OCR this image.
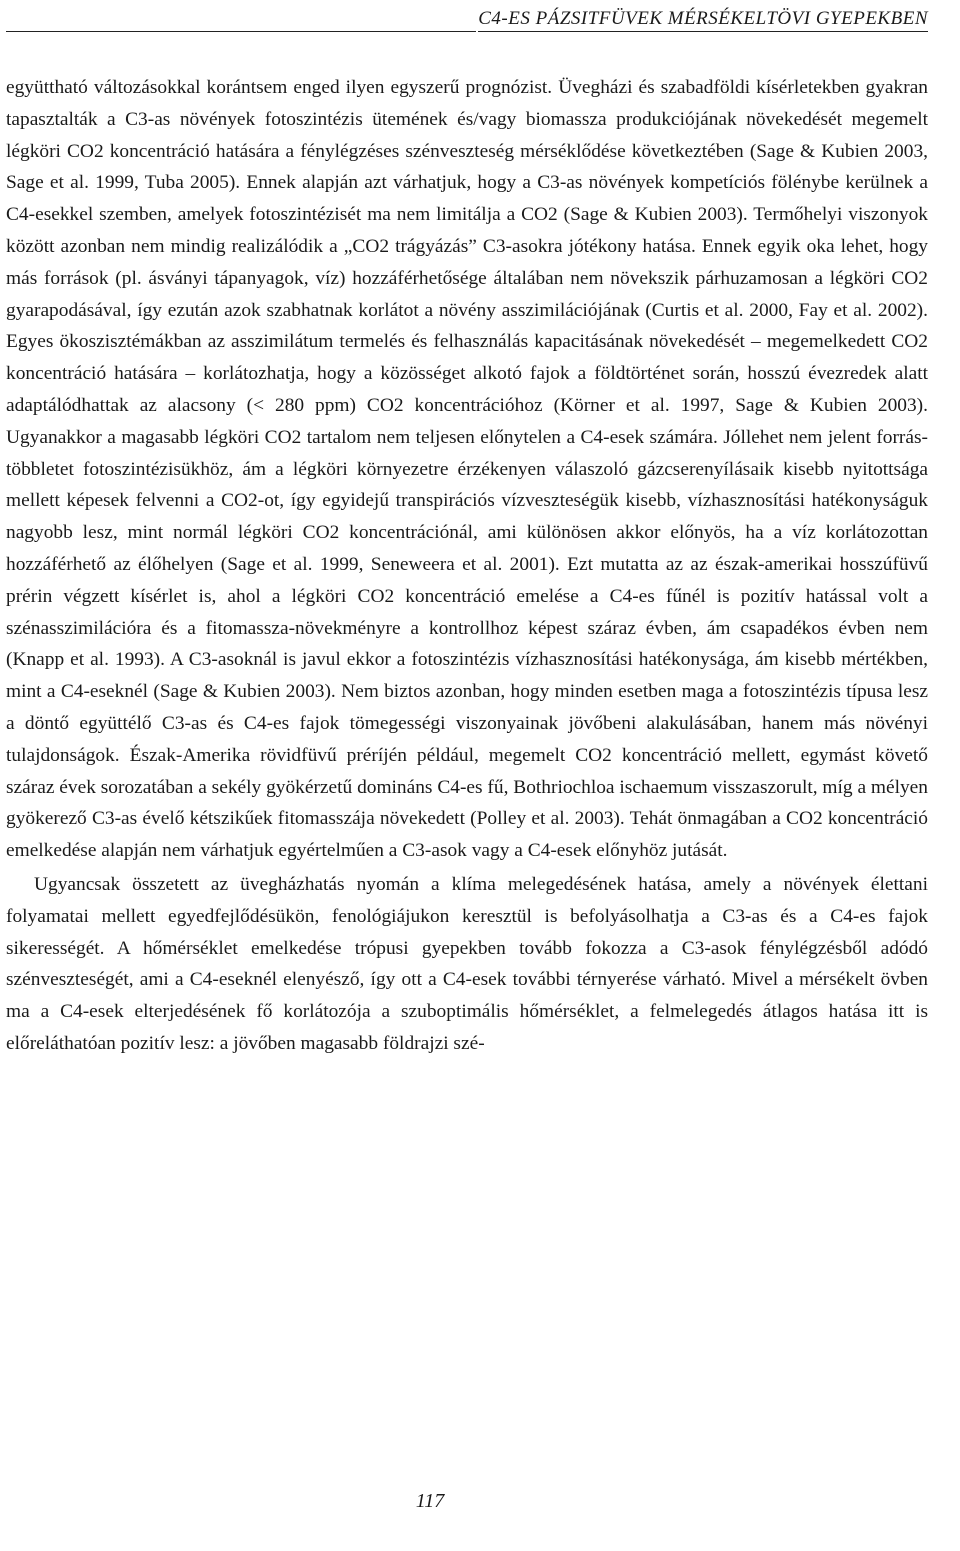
C4-ES PÁZSITFÜVEK MÉRSÉKELTÖVI GYEPEKBEN

együttható változásokkal korántsem enged ilyen egyszerű prognózist. Üvegházi és szabadföldi kísérletekben gyakran tapasztalták a C3-as növények fotoszintézis ütemének és/vagy biomassza produkciójának növekedését megemelt légköri CO2 koncentráció hatására a fénylégzéses szénveszteség mérséklődése következtében (Sage & Kubien 2003, Sage et al. 1999, Tuba 2005). Ennek alapján azt várhatjuk, hogy a C3-as növények kompetíciós fölénybe kerülnek a C4-esekkel szemben, amelyek fotoszintézisét ma nem limitálja a CO2 (Sage & Kubien 2003). Termőhelyi viszonyok között azonban nem mindig realizálódik a „CO2 trágyázás” C3-asokra jótékony hatása. Ennek egyik oka lehet, hogy más források (pl. ásványi tápanyagok, víz) hozzáférhetősége általában nem növekszik párhuzamosan a légköri CO2 gyarapodásával, így ezután azok szabhatnak korlátot a növény asszimilációjának (Curtis et al. 2000, Fay et al. 2002). Egyes ökoszisztémákban az asszimilátum termelés és felhasználás kapacitásának növekedését – megemelkedett CO2 koncentráció hatására – korlátozhatja, hogy a közösséget alkotó fajok a földtörténet során, hosszú évezredek alatt adaptálódhattak az alacsony (< 280 ppm) CO2 koncentrációhoz (Körner et al. 1997, Sage & Kubien 2003). Ugyanakkor a magasabb légköri CO2 tartalom nem teljesen előnytelen a C4-esek számára. Jóllehet nem jelent forrás-többletet fotoszintézisükhöz, ám a légköri környezetre érzékenyen válaszoló gázcserenyílásaik kisebb nyitottsága mellett képesek felvenni a CO2-ot, így egyidejű transpirációs vízveszteségük kisebb, vízhasznosítási hatékonyságuk nagyobb lesz, mint normál légköri CO2 koncentrációnál, ami különösen akkor előnyös, ha a víz korlátozottan hozzáférhető az élőhelyen (Sage et al. 1999, Seneweera et al. 2001). Ezt mutatta az az észak-amerikai hosszúfüvű prérin végzett kísérlet is, ahol a légköri CO2 koncentráció emelése a C4-es fűnél is pozitív hatással volt a szénasszimilációra és a fitomassza-növekményre a kontrollhoz képest száraz évben, ám csapadékos évben nem (Knapp et al. 1993). A C3-asoknál is javul ekkor a fotoszintézis vízhasznosítási hatékonysága, ám kisebb mértékben, mint a C4-eseknél (Sage & Kubien 2003). Nem biztos azonban, hogy minden esetben maga a fotoszintézis típusa lesz a döntő együttélő C3-as és C4-es fajok tömegességi viszonyainak jövőbeni alakulásában, hanem más növényi tulajdonságok. Észak-Amerika rövidfüvű préríjén például, megemelt CO2 koncentráció mellett, egymást követő száraz évek sorozatában a sekély gyökérzetű domináns C4-es fű, Bothriochloa ischaemum visszaszorult, míg a mélyen gyökerező C3-as évelő kétszikűek fitomasszája növekedett (Polley et al. 2003). Tehát önmagában a CO2 koncentráció emelkedése alapján nem várhatjuk egyértelműen a C3-asok vagy a C4-esek előnyhöz jutását.

Ugyancsak összetett az üvegházhatás nyomán a klíma melegedésének hatása, amely a növények élettani folyamatai mellett egyedfejlődésükön, fenológiájukon keresztül is befolyásolhatja a C3-as és a C4-es fajok sikerességét. A hőmérséklet emelkedése trópusi gyepekben tovább fokozza a C3-asok fénylégzésből adódó szénveszteségét, ami a C4-eseknél elenyésző, így ott a C4-esek további térnyerése várható. Mivel a mérsékelt övben ma a C4-esek elterjedésének fő korlátozója a szuboptimális hőmérséklet, a felmelegedés átlagos hatása itt is előreláthatóan pozitív lesz: a jövőben magasabb földrajzi szé-

117
